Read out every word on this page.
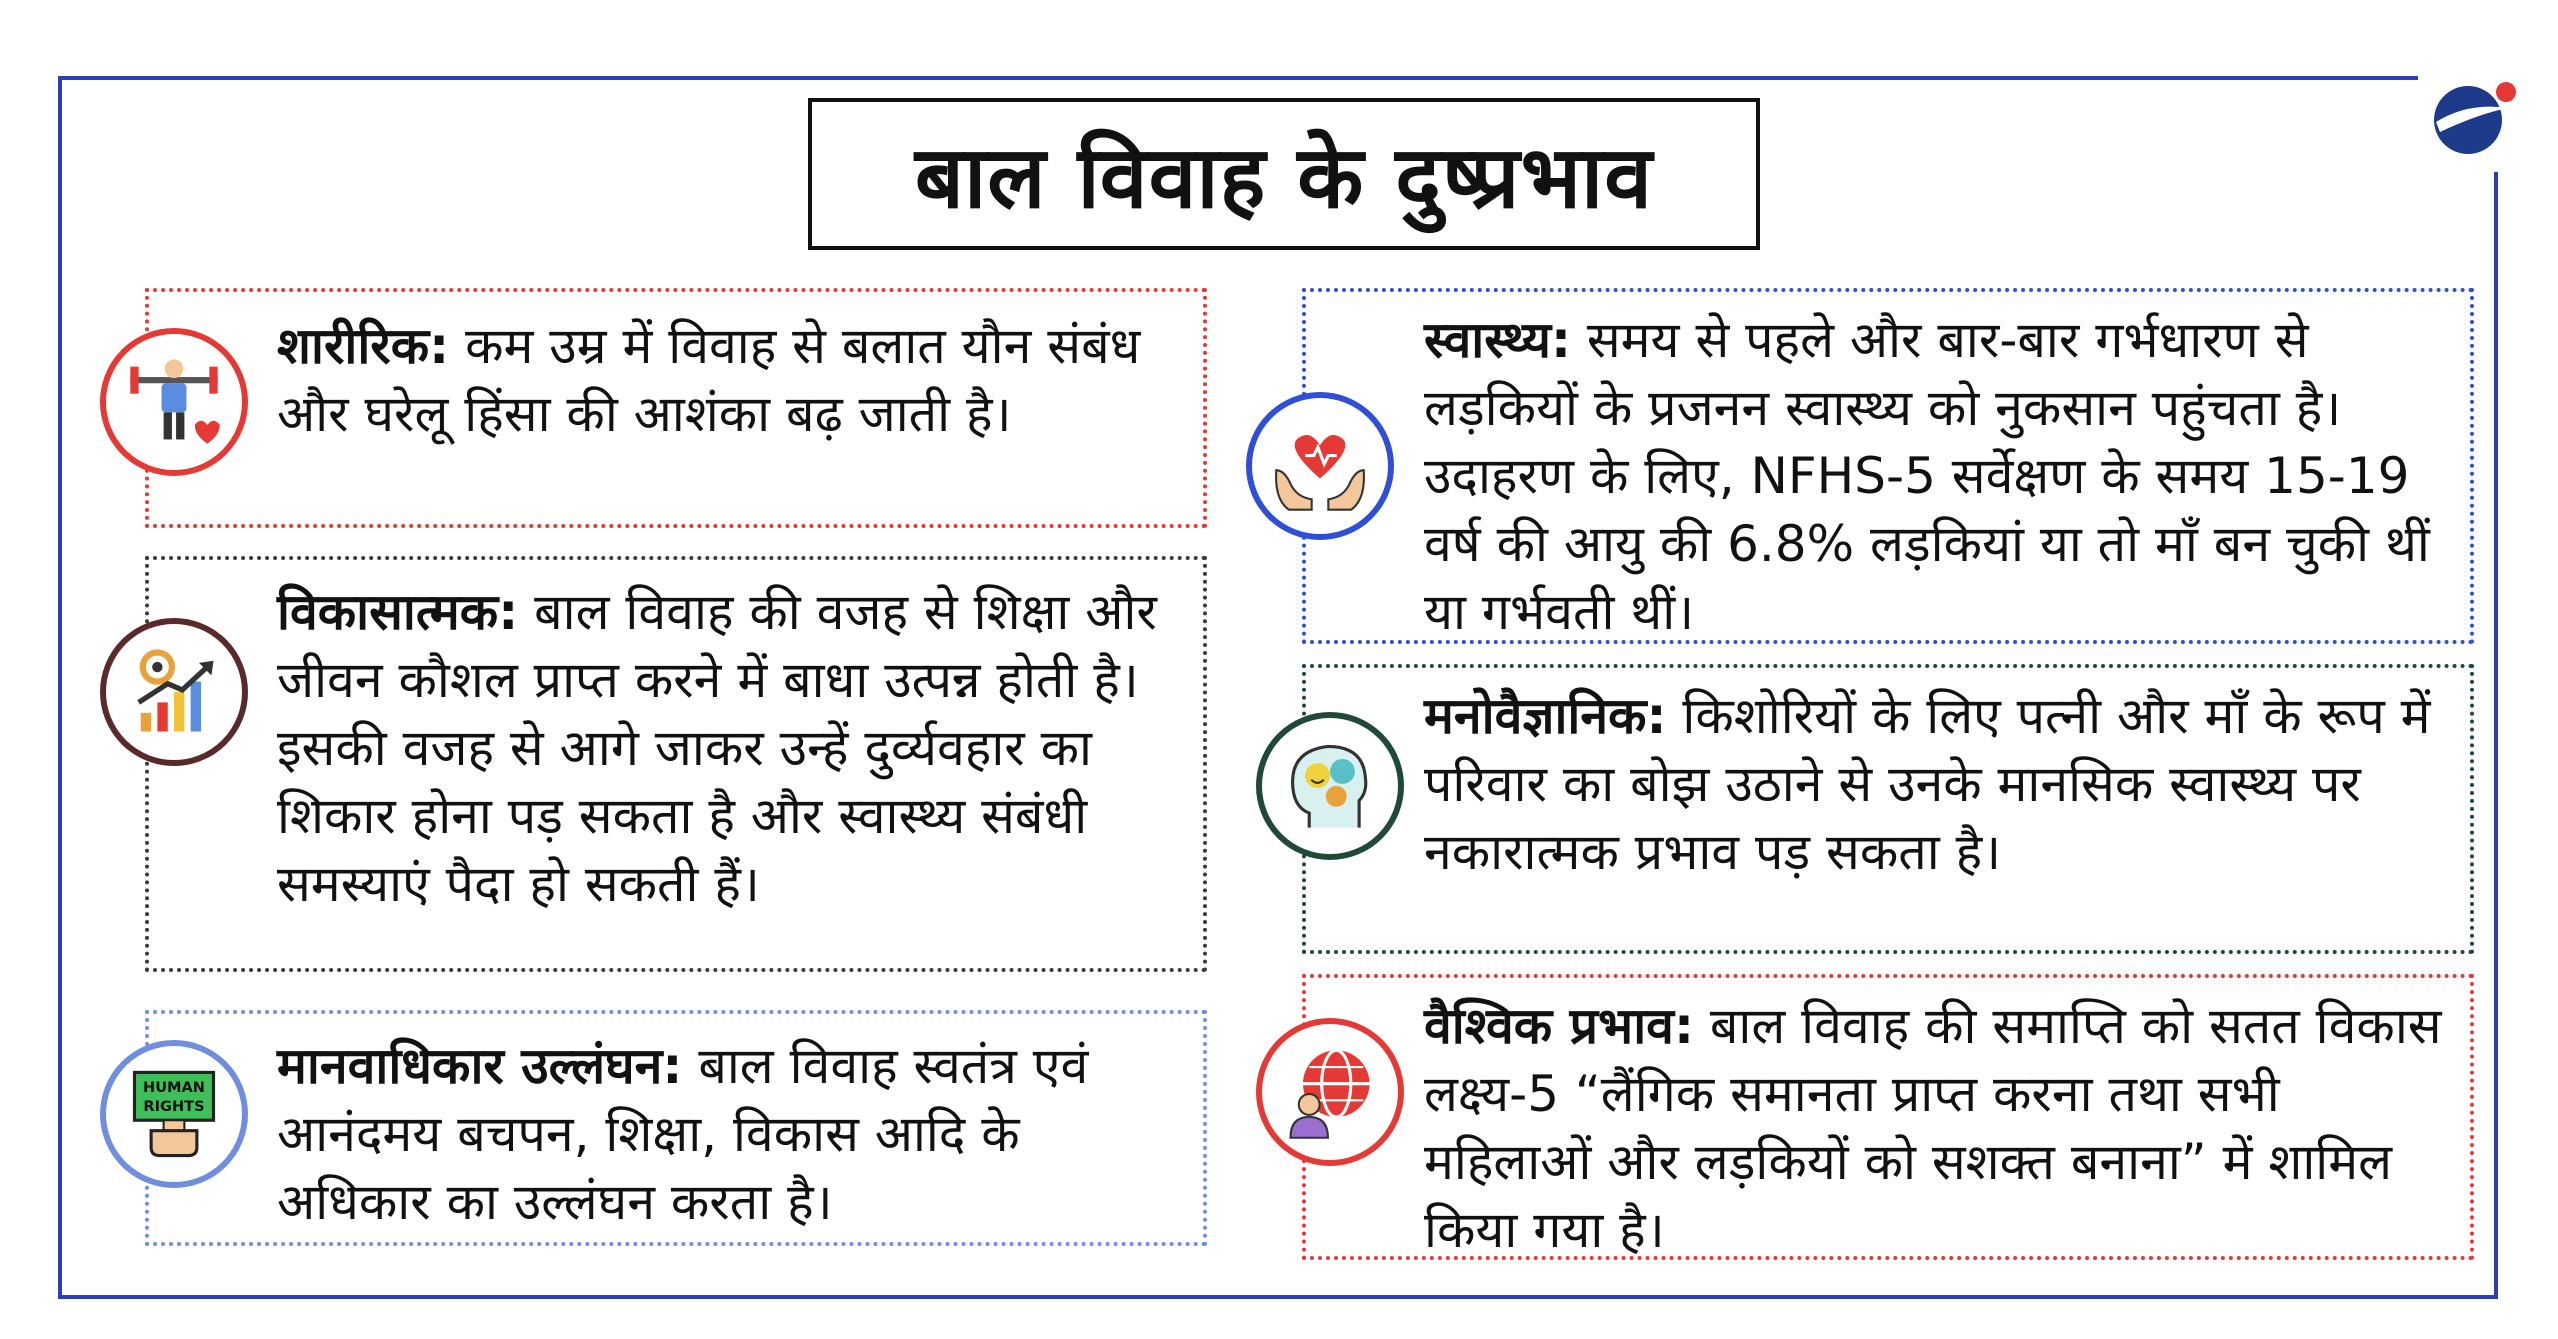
बाल विवाह के दुष्प्रभाव
शारीरिक: कम उम्र में विवाह से बलात यौन संबंध और घरेलू हिंसा की आशंका बढ़ जाती है।
विकासात्मक: बाल विवाह की वजह से शिक्षा और जीवन कौशल प्राप्त करने में बाधा उत्पन्न होती है। इसकी वजह से आगे जाकर उन्हें दुर्व्यवहार का शिकार होना पड़ सकता है और स्वास्थ्य संबंधी समस्याएं पैदा हो सकती हैं।
मानवाधिकार उल्लंघन: बाल विवाह स्वतंत्र एवं आनंदमय बचपन, शिक्षा, विकास आदि के अधिकार का उल्लंघन करता है।
HUMAN
RIGHTS
स्वास्थ्य: समय से पहले और बार-बार गर्भधारण से लड़कियों के प्रजनन स्वास्थ्य को नुकसान पहुंचता है। उदाहरण के लिए, NFHS-5 सर्वेक्षण के समय 15-19 वर्ष की आयु की 6.8% लड़कियां या तो माँ बन चुकी थीं या गर्भवती थीं।
मनोवैज्ञानिक: किशोरियों के लिए पत्नी और माँ के रूप में परिवार का बोझ उठाने से उनके मानसिक स्वास्थ्य पर नकारात्मक प्रभाव पड़ सकता है।
वैश्विक प्रभाव: बाल विवाह की समाप्ति को सतत विकास लक्ष्य-5 “लैंगिक समानता प्राप्त करना तथा सभी महिलाओं और लड़कियों को सशक्त बनाना” में शामिल किया गया है।
